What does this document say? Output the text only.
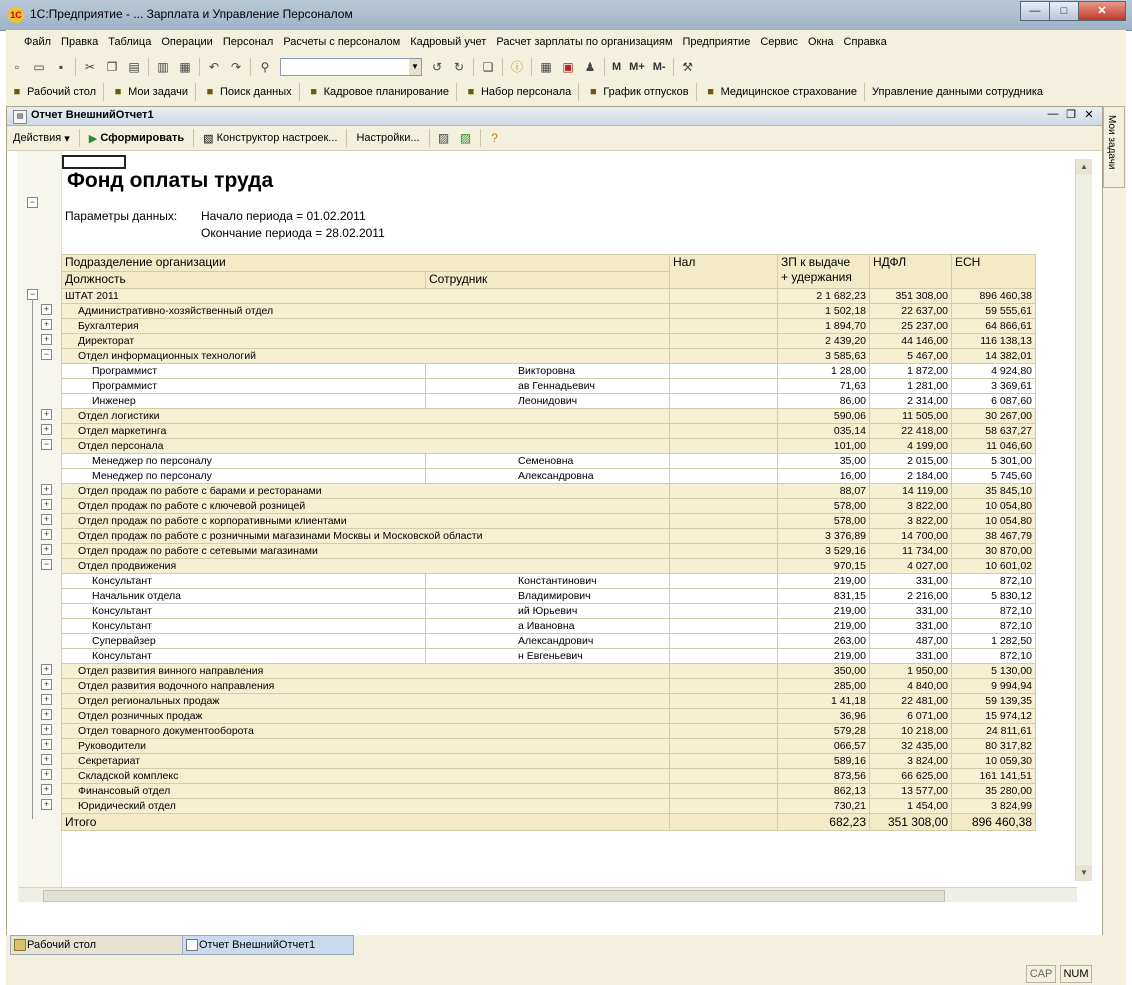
1С 1С:Предприятие - ... Зарплата и Управление Персоналом	—	□	✕
Файл Правка Таблица Операции Персонал Расчеты с персоналом Кадровый учет Расчет зарплаты по организациям Предприятие Сервис Окна Справка
▫	▭	▪	✂ ❐ ▤ ▥ ▦ ↶ ↷ ⚲	▼ ↺ ↻ ❏ ⓘ ▦ ▣ ♟ М М+ М- ⚒
■ Рабочий стол	■ Мои задачи	■ Поиск данных	■ Кадровое планирование	■ Набор персонала	■ График отпусков	■ Медицинское страхование Управление данными сотрудника
Мои задачи
▤ Отчет ВнешнийОтчет1	— ❐ ✕
Действия
▾ ▶
Сформировать ▧
Конструктор настроек... Настройки... ▨ ▨	?
−
+
+
+
−
+
+
−
+
+
+
+
+
−
+
+
+
+
+
+
+
+
+
+
−
Фонд оплаты труда
Параметры данных: Начало периода = 01.02.2011
Окончание периода = 28.02.2011
Подразделение организации		Нал	ЗП к выдаче
+ удержания	НДФЛ	ЕСН
Должность	Сотрудник				
ШТАТ 2011			2 1 682,23	351 308,00	896 460,38
Административно-хозяйственный отдел			1 502,18	22 637,00	59 555,61
Бухгалтерия			1 894,70	25 237,00	64 866,61
Директорат			2 439,20	44 146,00	116 138,13
Отдел информационных технологий			3 585,63	5 467,00	14 382,01
Программист	Викторовна		1 28,00	1 872,00	4 924,80
Программист	ав Геннадьевич		71,63	1 281,00	3 369,61
Инженер	Леонидович		86,00	2 314,00	6 087,60
Отдел логистики			590,06	11 505,00	30 267,00
Отдел маркетинга			035,14	22 418,00	58 637,27
Отдел персонала			101,00	4 199,00	11 046,60
Менеджер по персоналу	Семеновна		35,00	2 015,00	5 301,00
Менеджер по персоналу	Александровна		16,00	2 184,00	5 745,60
Отдел продаж по работе с барами и ресторанами			88,07	14 119,00	35 845,10
Отдел продаж по работе с ключевой розницей			578,00	3 822,00	10 054,80
Отдел продаж по работе с корпоративными клиентами			578,00	3 822,00	10 054,80
Отдел продаж по работе с розничными магазинами Москвы и Московской области			3 376,89	14 700,00	38 467,79
Отдел продаж по работе с сетевыми магазинами			3 529,16	11 734,00	30 870,00
Отдел продвижения			970,15	4 027,00	10 601,02
Консультант	Константинович		219,00	331,00	872,10
Начальник отдела	Владимирович		831,15	2 216,00	5 830,12
Консультант	ий Юрьевич		219,00	331,00	872,10
Консультант	а Ивановна		219,00	331,00	872,10
Супервайзер	Александрович		263,00	487,00	1 282,50
Консультант	н Евгеньевич		219,00	331,00	872,10
Отдел развития винного направления			350,00	1 950,00	5 130,00
Отдел развития водочного направления			285,00	4 840,00	9 994,94
Отдел региональных продаж			1 41,18	22 481,00	59 139,35
Отдел розничных продаж			36,96	6 071,00	15 974,12
Отдел товарного документооборота			579,28	10 218,00	24 811,61
Руководители			066,57	32 435,00	80 317,82
Секретариат			589,16	3 824,00	10 059,30
Складской комплекс			873,56	66 625,00	161 141,51
Финансовый отдел			862,13	13 577,00	35 280,00
Юридический отдел			730,21	1 454,00	3 824,99
Итого			682,23	351 308,00	896 460,38
▲
▼
Рабочий стол	Отчет ВнешнийОтчет1
CAP	NUM
